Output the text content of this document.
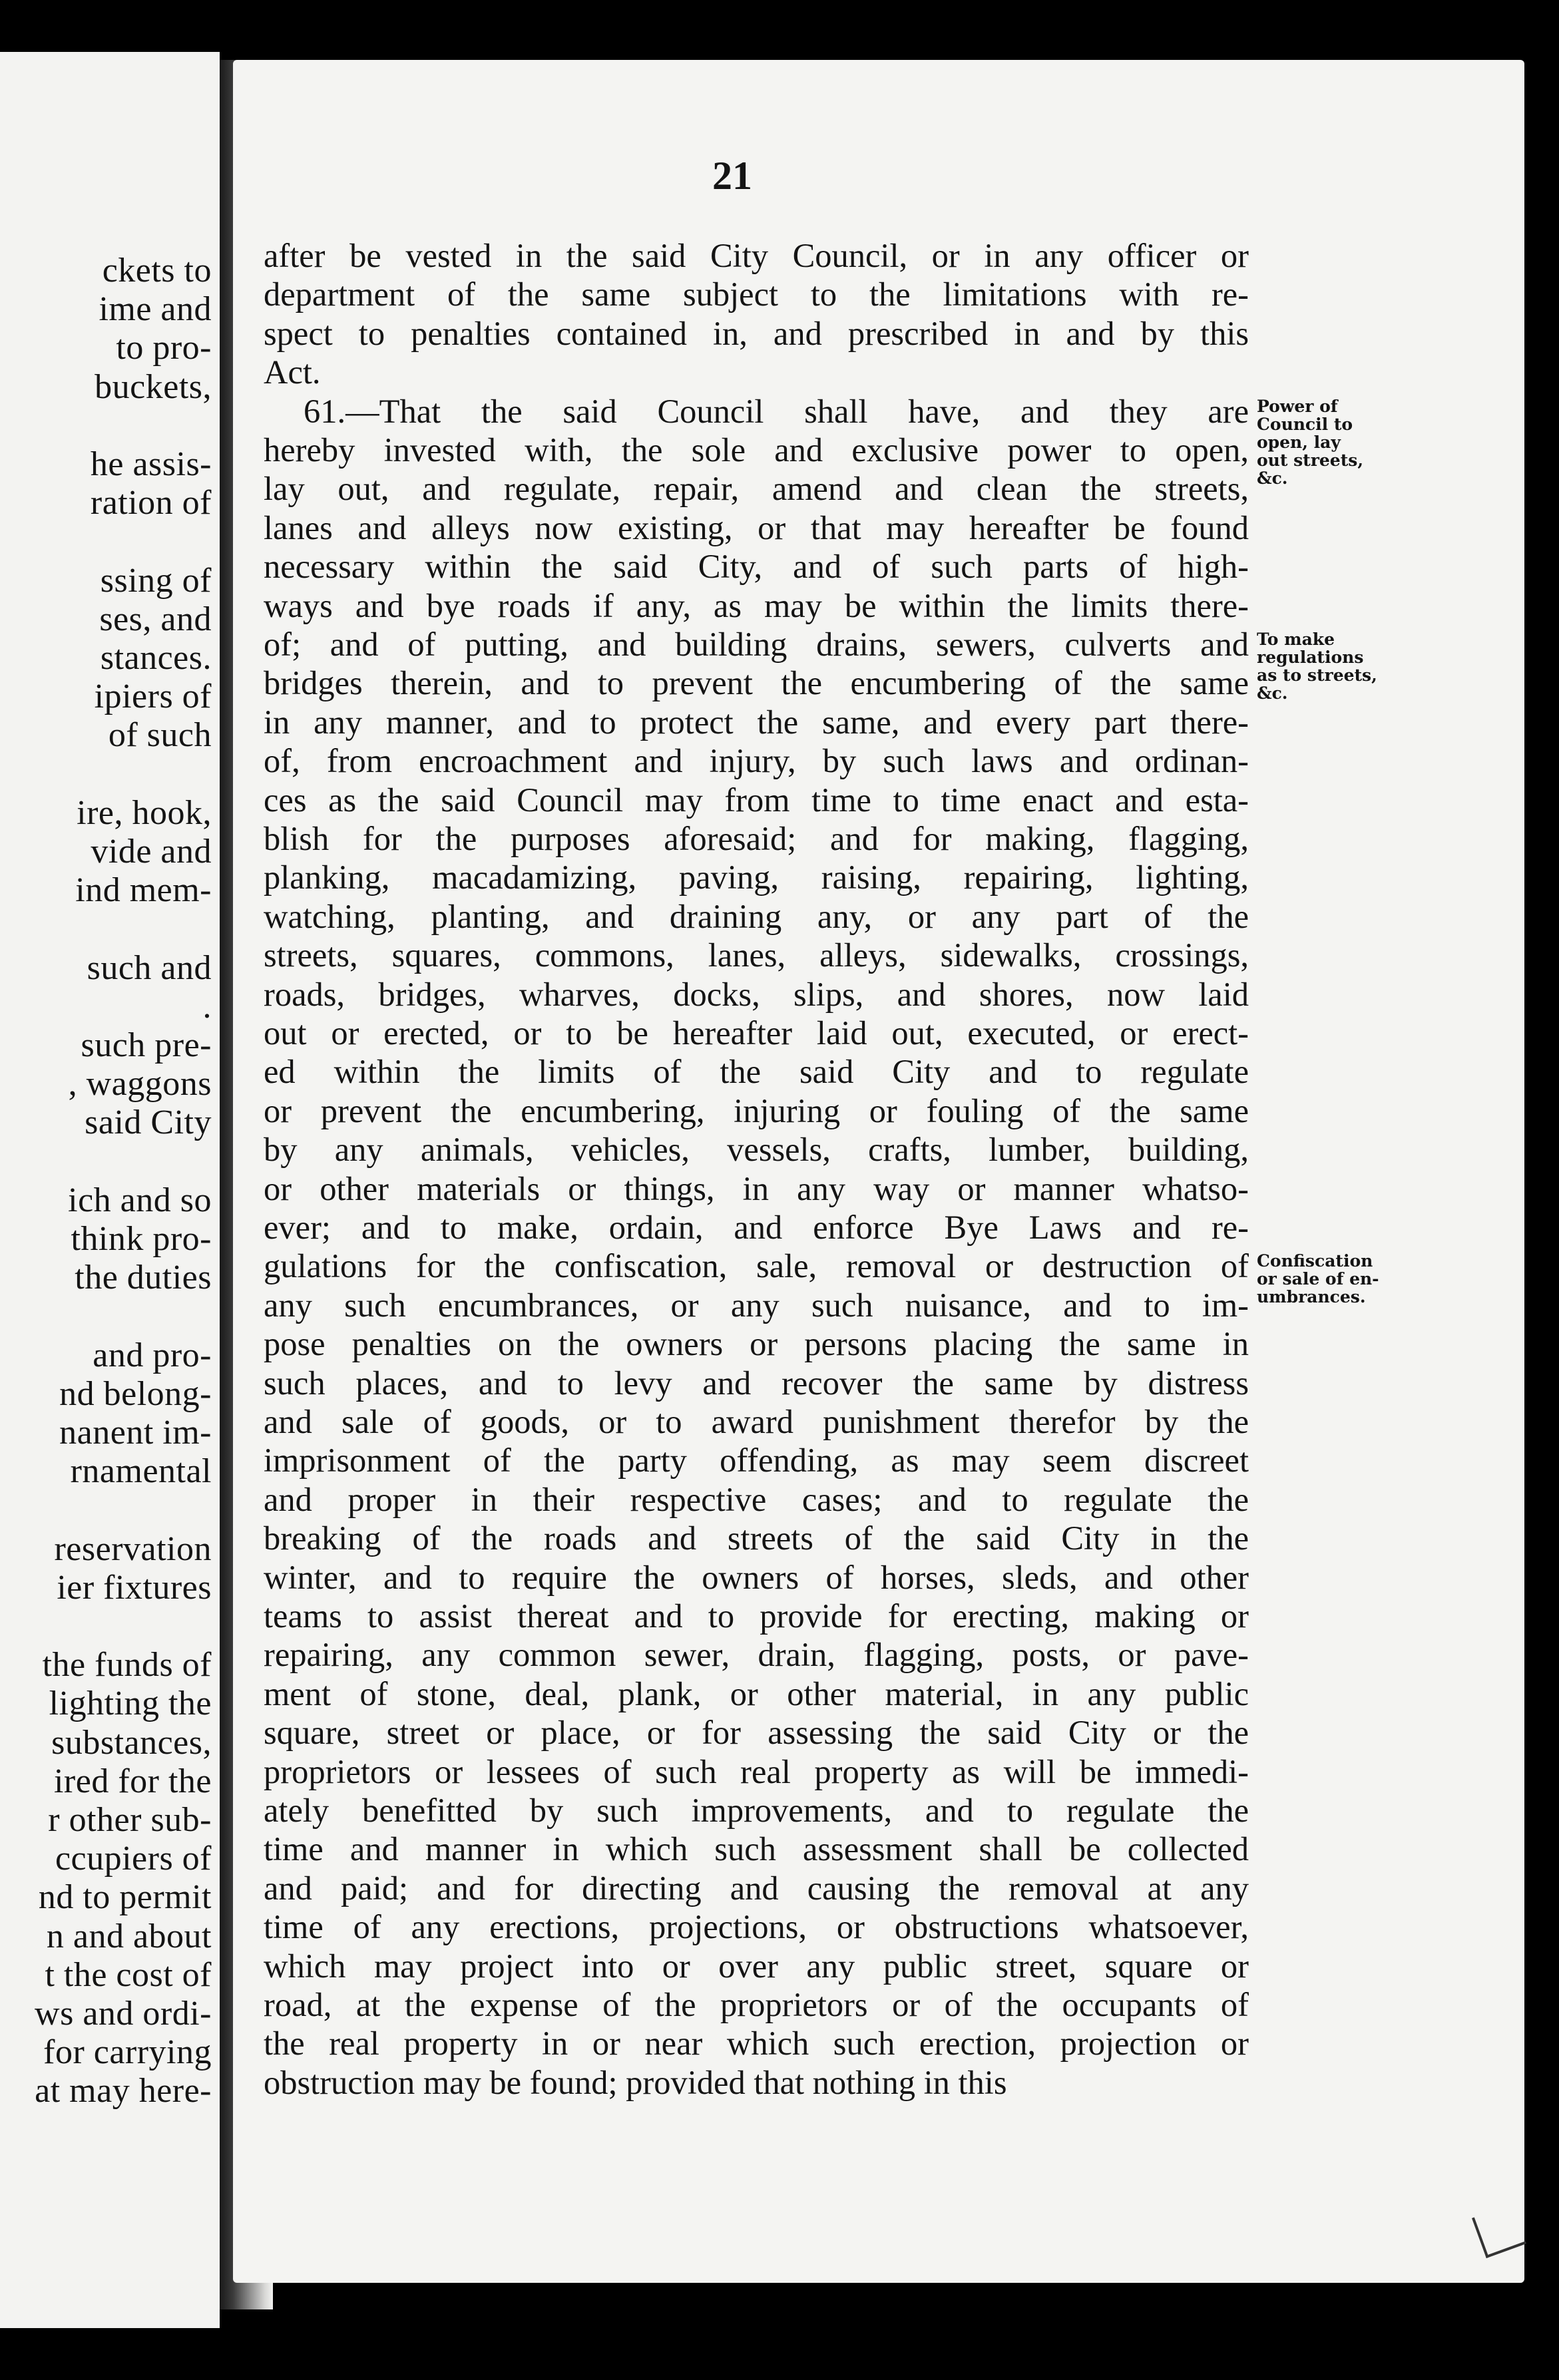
ckets to
ime and
to pro-
buckets,
he assis-
ration of
ssing of
ses, and
stances.
ipiers of
of such
ire, hook,
vide and
ind mem-
such and
.
such pre-
, waggons
said City
ich and so
think pro-
the duties
and pro-
nd belong-
nanent im-
rnamental
reservation
ier fixtures
the funds of
lighting the
substances,
ired for the
r other sub-
ccupiers of
nd to permit
n and about
t the cost of
ws and ordi-
for carrying
at may here-
21
after be vested in the said City Council, or in any officer or
department of the same subject to the limitations with re-
spect to penalties contained in, and prescribed in and by this
Act.
61.—That the said Council shall have, and they are
hereby invested with, the sole and exclusive power to open,
lay out, and regulate, repair, amend and clean the streets,
lanes and alleys now existing, or that may hereafter be found
necessary within the said City, and of such parts of high-
ways and bye roads if any, as may be within the limits there-
of; and of putting, and building drains, sewers, culverts and
bridges therein, and to prevent the encumbering of the same
in any manner, and to protect the same, and every part there-
of, from encroachment and injury, by such laws and ordinan-
ces as the said Council may from time to time enact and esta-
blish for the purposes aforesaid; and for making, flagging,
planking, macadamizing, paving, raising, repairing, lighting,
watching, planting, and draining any, or any part of the
streets, squares, commons, lanes, alleys, sidewalks, crossings,
roads, bridges, wharves, docks, slips, and shores, now laid
out or erected, or to be hereafter laid out, executed, or erect-
ed within the limits of the said City and to regulate
or prevent the encumbering, injuring or fouling of the same
by any animals, vehicles, vessels, crafts, lumber, building,
or other materials or things, in any way or manner whatso-
ever; and to make, ordain, and enforce Bye Laws and re-
gulations for the confiscation, sale, removal or destruction of
any such encumbrances, or any such nuisance, and to im-
pose penalties on the owners or persons placing the same in
such places, and to levy and recover the same by distress
and sale of goods, or to award punishment therefor by the
imprisonment of the party offending, as may seem discreet
and proper in their respective cases; and to regulate the
breaking of the roads and streets of the said City in the
winter, and to require the owners of horses, sleds, and other
teams to assist thereat and to provide for erecting, making or
repairing, any common sewer, drain, flagging, posts, or pave-
ment of stone, deal, plank, or other material, in any public
square, street or place, or for assessing the said City or the
proprietors or lessees of such real property as will be immedi-
ately benefitted by such improvements, and to regulate the
time and manner in which such assessment shall be collected
and paid; and for directing and causing the removal at any
time of any erections, projections, or obstructions whatsoever,
which may project into or over any public street, square or
road, at the expense of the proprietors or of the occupants of
the real property in or near which such erection, projection or
obstruction may be found; provided that nothing in this
Power of
Council to
open, lay
out streets,
&c.
To make
regulations
as to streets,
&c.
Confiscation
or sale of en-
umbrances.
